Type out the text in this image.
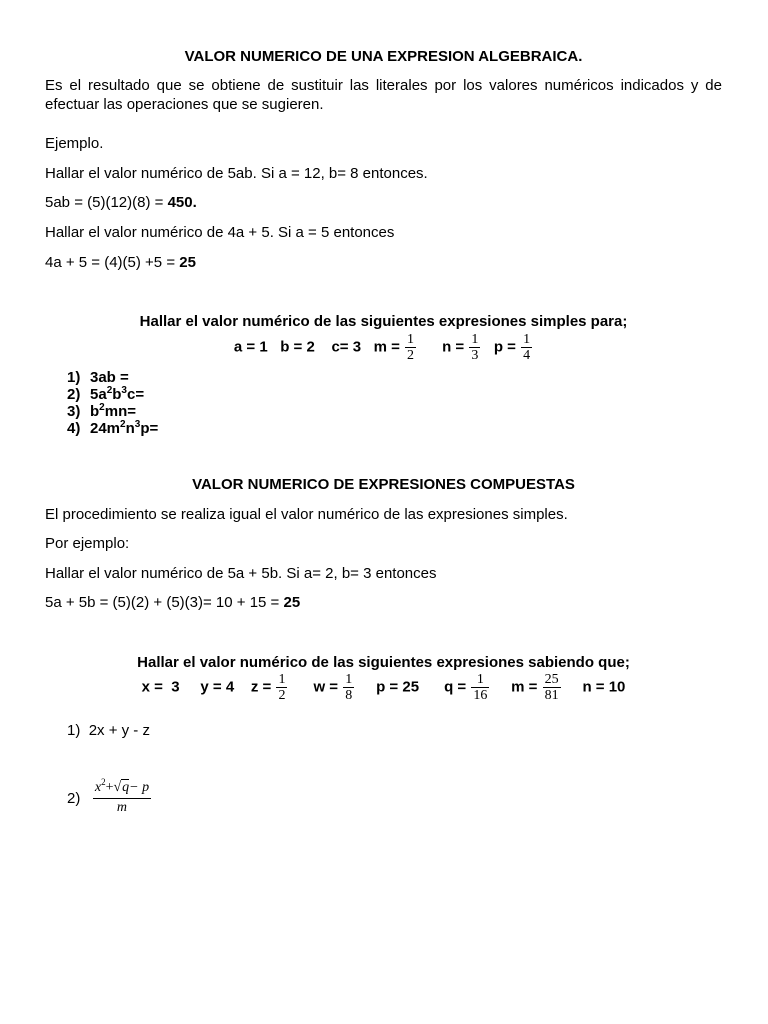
VALOR NUMERICO DE UNA EXPRESION ALGEBRAICA.
Es el resultado que se obtiene de sustituir las literales por los valores numéricos indicados y de efectuar las operaciones que se sugieren.
Ejemplo.
Hallar el valor numérico de 5ab. Si a = 12, b= 8 entonces.
5ab = (5)(12)(8) = 450.
Hallar el valor numérico de 4a + 5. Si a = 5 entonces
4a + 5 = (4)(5) +5 = 25
Hallar el valor numérico de las siguientes expresiones simples para;
a = 1 b = 2 c= 3 $m = \frac{1}{2}$ $n = \frac{1}{3}$ $p = \frac{1}{4}$
1) 3ab =
2) $5a^2b^3c=$
3) $b^2mn=$
4) $24m^2n^3p=$
VALOR NUMERICO DE EXPRESIONES COMPUESTAS
El procedimiento se realiza igual el valor numérico de las expresiones simples.
Por ejemplo:
Hallar el valor numérico de 5a + 5b. Si a= 2, b= 3 entonces
5a + 5b = (5)(2) + (5)(3)= 10 + 15 = 25
Hallar el valor numérico de las siguientes expresiones sabiendo que;
x =  3 y = 4 $z = \frac{1}{2}$ $w = \frac{1}{8}$ p = 25 $q = \frac{1}{16}$ $m = \frac{25}{81}$ n = 10
1) 2x + y - z
$2) \frac{x^2+√q- p}{m}$
